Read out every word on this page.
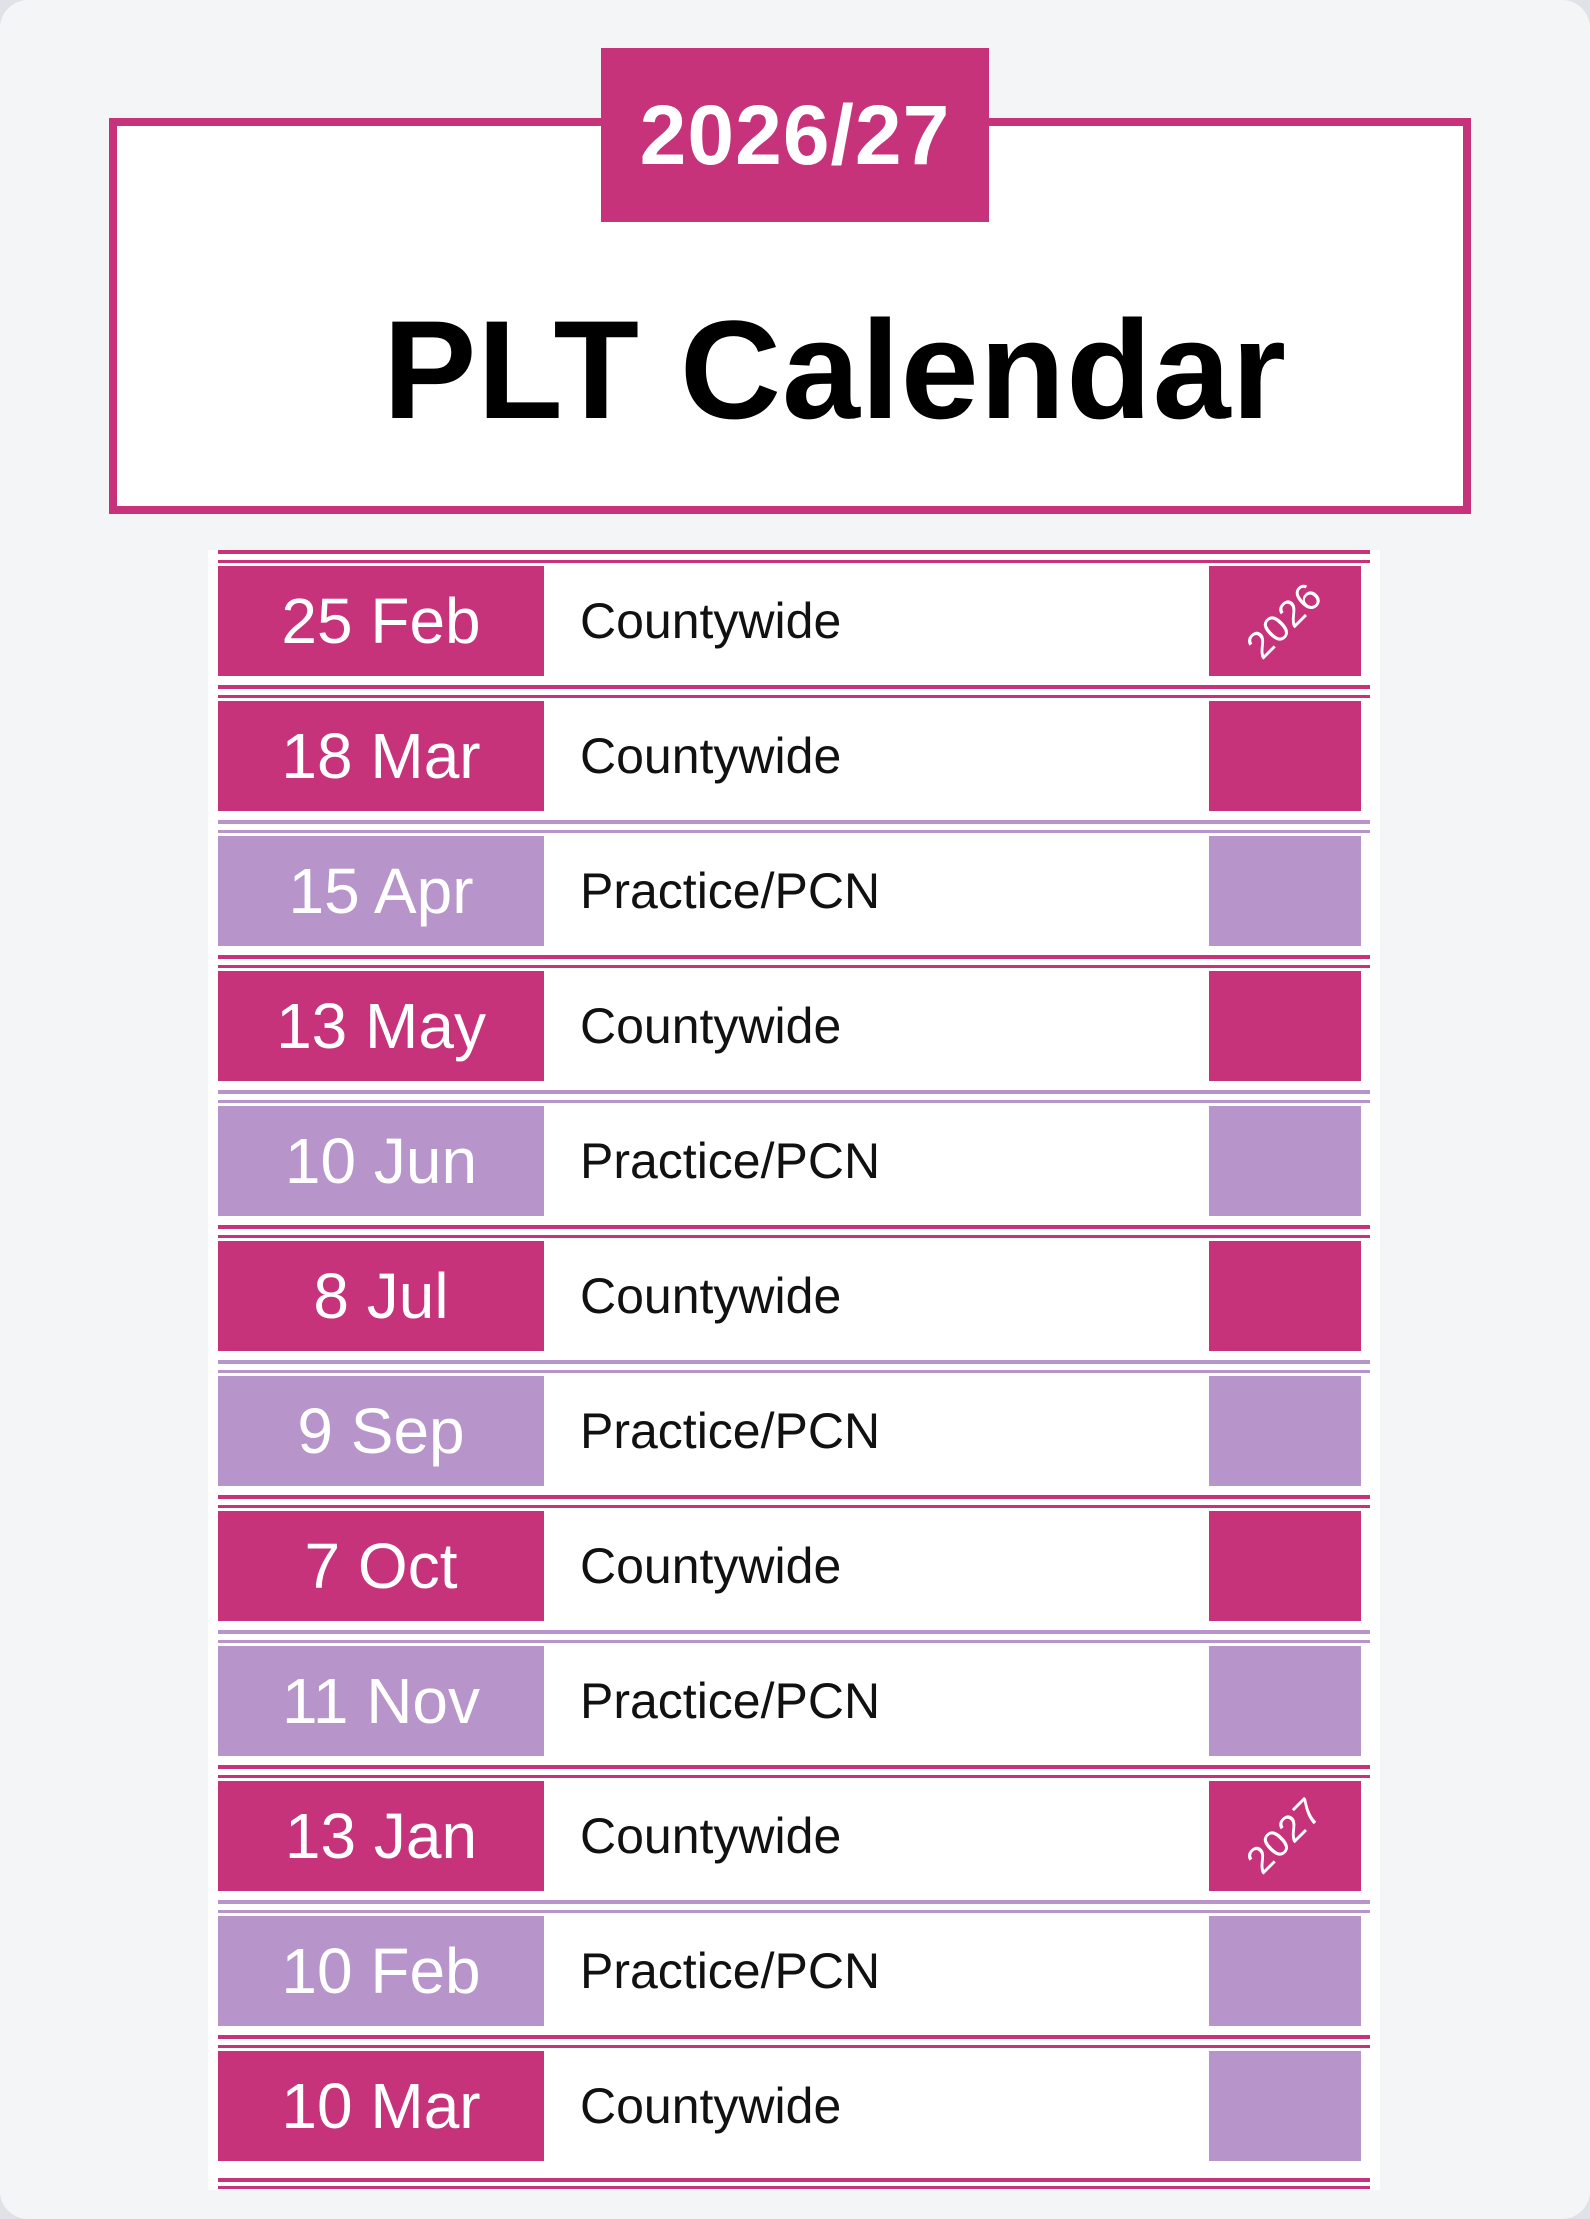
2026/27
PLT Calendar
25 Feb	Countywide	2026
18 Mar	Countywide
15 Apr	Practice/PCN
13 May	Countywide
10 Jun	Practice/PCN
8 Jul	Countywide
9 Sep	Practice/PCN
7 Oct	Countywide
11 Nov	Practice/PCN
13 Jan	Countywide	2027
10 Feb	Practice/PCN
10 Mar	Countywide
